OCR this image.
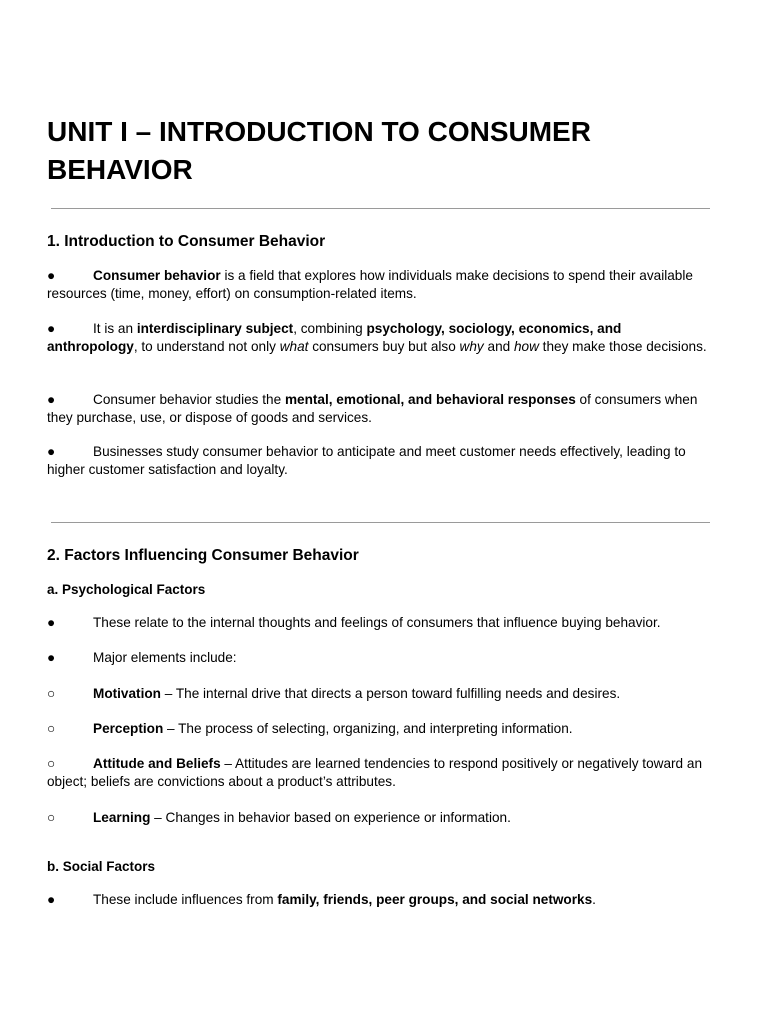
UNIT I – INTRODUCTION TO CONSUMER BEHAVIOR
1. Introduction to Consumer Behavior

●	Consumer behavior is a field that explores how individuals make decisions to spend their available resources (time, money, effort) on consumption-related items.

●	It is an interdisciplinary subject, combining psychology, sociology, economics, and anthropology, to understand not only what consumers buy but also why and how they make those decisions.

●	Consumer behavior studies the mental, emotional, and behavioral responses of consumers when they purchase, use, or dispose of goods and services.

●	Businesses study consumer behavior to anticipate and meet customer needs effectively, leading to higher customer satisfaction and loyalty.

2. Factors Influencing Consumer Behavior
a. Psychological Factors

●	These relate to the internal thoughts and feelings of consumers that influence buying behavior.

●	Major elements include:

○	Motivation – The internal drive that directs a person toward fulfilling needs and desires.

○	Perception – The process of selecting, organizing, and interpreting information.

○	Attitude and Beliefs – Attitudes are learned tendencies to respond positively or negatively toward an object; beliefs are convictions about a product’s attributes.

○	Learning – Changes in behavior based on experience or information.

b. Social Factors

●	These include influences from family, friends, peer groups, and social networks.
